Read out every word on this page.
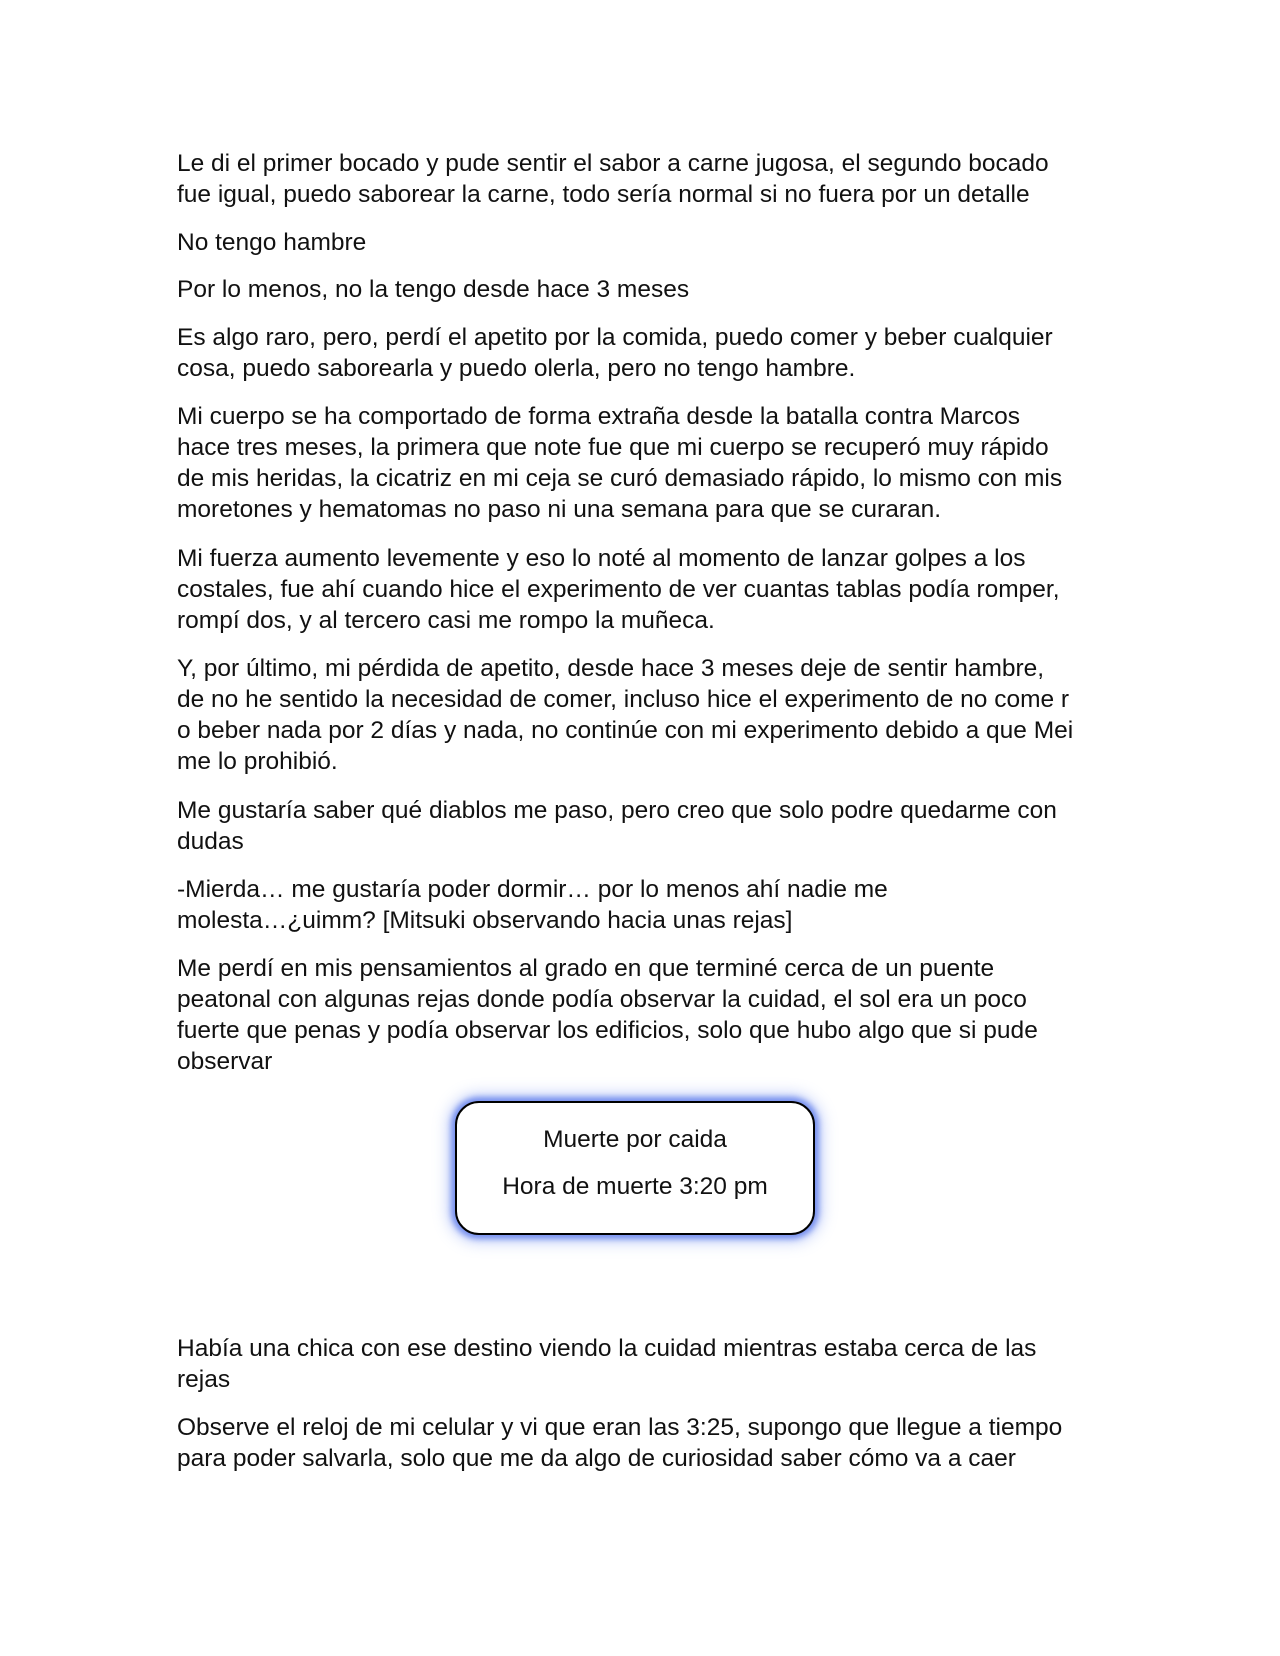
Le di el primer bocado y pude sentir el sabor a carne jugosa, el segundo bocado
fue igual, puedo saborear la carne, todo sería normal si no fuera por un detalle

No tengo hambre

Por lo menos, no la tengo desde hace 3 meses

Es algo raro, pero, perdí el apetito por la comida, puedo comer y beber cualquier
cosa, puedo saborearla y puedo olerla, pero no tengo hambre.

Mi cuerpo se ha comportado de forma extraña desde la batalla contra Marcos
hace tres meses, la primera que note fue que mi cuerpo se recuperó muy rápido
de mis heridas, la cicatriz en mi ceja se curó demasiado rápido, lo mismo con mis
moretones y hematomas no paso ni una semana para que se curaran.

Mi fuerza aumento levemente y eso lo noté al momento de lanzar golpes a los
costales, fue ahí cuando hice el experimento de ver cuantas tablas podía romper,
rompí dos, y al tercero casi me rompo la muñeca.

Y, por último, mi pérdida de apetito, desde hace 3 meses deje de sentir hambre,
de no he sentido la necesidad de comer, incluso hice el experimento de no come r
o beber nada por 2 días y nada, no continúe con mi experimento debido a que Mei
me lo prohibió.

Me gustaría saber qué diablos me paso, pero creo que solo podre quedarme con
dudas

-Mierda… me gustaría poder dormir… por lo menos ahí nadie me
molesta…¿uimm? [Mitsuki observando hacia unas rejas]

Me perdí en mis pensamientos al grado en que terminé cerca de un puente
peatonal con algunas rejas donde podía observar la cuidad, el sol era un poco
fuerte que penas y podía observar los edificios, solo que hubo algo que si pude
observar

Muerte por caida

Hora de muerte 3:20 pm

Había una chica con ese destino viendo la cuidad mientras estaba cerca de las
rejas

Observe el reloj de mi celular y vi que eran las 3:25, supongo que llegue a tiempo
para poder salvarla, solo que me da algo de curiosidad saber cómo va a caer
